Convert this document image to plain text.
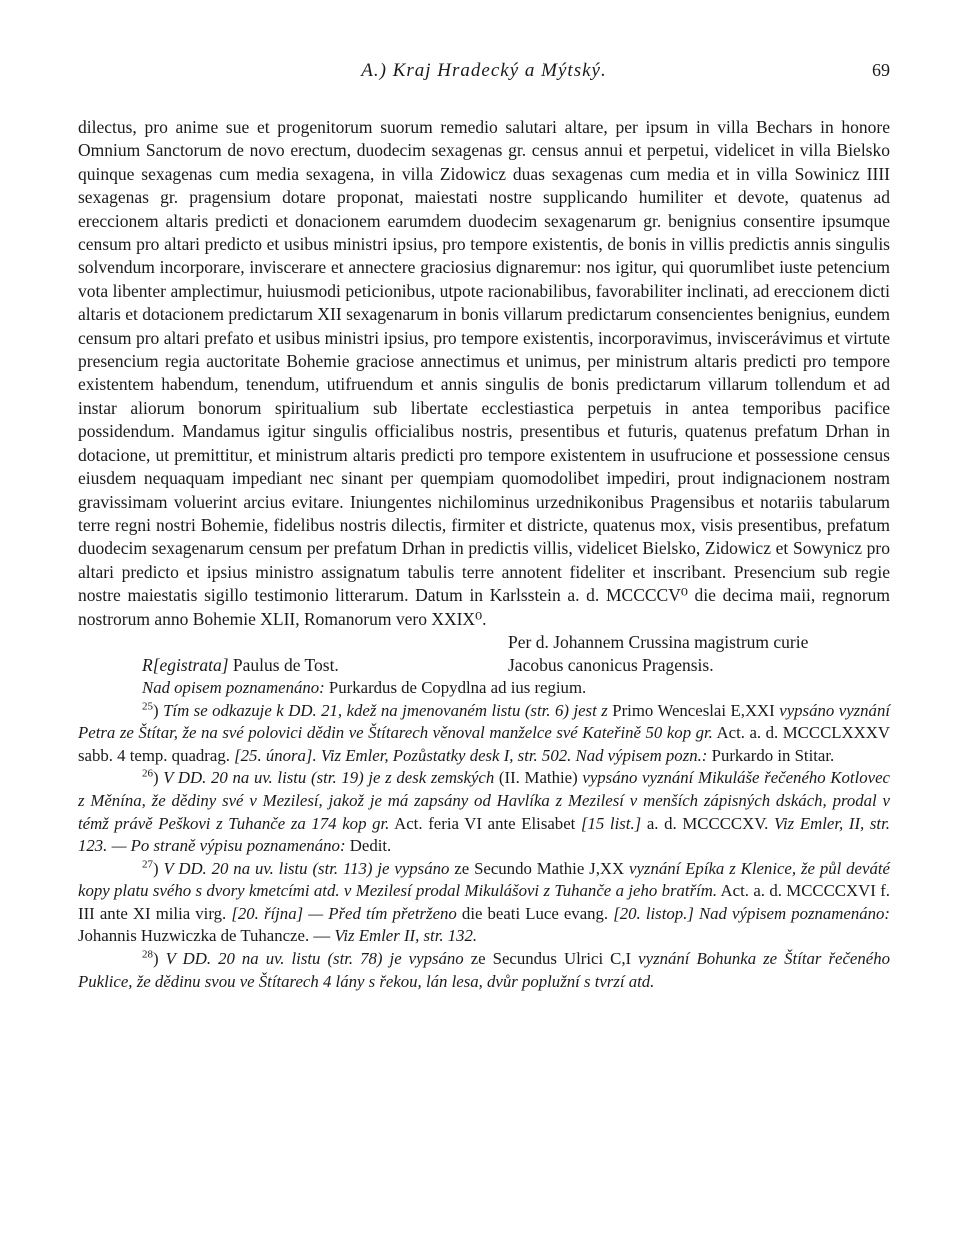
A.) Kraj Hradecký a Mýtský.	69

dilectus, pro anime sue et progenitorum suorum remedio salutari altare, per ipsum in villa Bechars in honore Omnium Sanctorum de novo erectum, duodecim sexagenas gr. census annui et perpetui, videlicet in villa Bielsko quinque sexagenas cum media sexagena, in villa Zidowicz duas sexagenas cum media et in villa Sowinicz IIII sexagenas gr. pragensium dotare proponat, maiestati nostre supplicando humiliter et devote, quatenus ad ereccionem altaris predicti et donacionem earumdem duodecim sexagenarum gr. benignius consentire ipsumque censum pro altari predicto et usibus ministri ipsius, pro tempore existentis, de bonis in villis predictis annis singulis solvendum incorporare, inviscerare et annectere graciosius dignaremur: nos igitur, qui quorumlibet iuste petencium vota libenter amplectimur, huiusmodi peticionibus, utpote racionabilibus, favorabiliter inclinati, ad ereccionem dicti altaris et dotacionem predictarum XII sexagenarum in bonis villarum predictarum consencientes benignius, eundem censum pro altari prefato et usibus ministri ipsius, pro tempore existentis, incorporavimus, inviscerávimus et virtute presencium regia auctoritate Bohemie graciose annectimus et unimus, per ministrum altaris predicti pro tempore existentem habendum, tenendum, utifruendum et annis singulis de bonis predictarum villarum tollendum et ad instar aliorum bonorum spiritualium sub libertate ecclestiastica perpetuis in antea temporibus pacifice possidendum. Mandamus igitur singulis officialibus nostris, presentibus et futuris, quatenus prefatum Drhan in dotacione, ut premittitur, et ministrum altaris predicti pro tempore existentem in usufrucione et possessione census eiusdem nequaquam impediant nec sinant per quempiam quomodolibet impediri, prout indignacionem nostram gravissimam voluerint arcius evitare. Iniungentes nichilominus urzednikonibus Pragensibus et notariis tabularum terre regni nostri Bohemie, fidelibus nostris dilectis, firmiter et districte, quatenus mox, visis presentibus, prefatum duodecim sexagenarum censum per prefatum Drhan in predictis villis, videlicet Bielsko, Zidowicz et Sowynicz pro altari predicto et ipsius ministro assignatum tabulis terre annotent fideliter et inscribant. Presencium sub regie nostre maiestatis sigillo testimonio litterarum. Datum in Karlsstein a. d. MCCCCV⁰ die decima maii, regnorum nostrorum anno Bohemie XLII, Romanorum vero XXIX⁰.

Per d. Johannem Crussina magistrum curie
R[egistrata] Paulus de Tost.	Jacobus canonicus Pragensis.

Nad opisem poznamenáno: Purkardus de Copydlna ad ius regium.

$^{25}$) Tím se odkazuje k DD. 21, kdež na jmenovaném listu (str. 6) jest z Primo Wenceslai E,XXI vypsáno vyznání Petra ze Štítar, že na své polovici dědin ve Štítarech věnoval manželce své Kateřině 50 kop gr. Act. a. d. MCCCLXXXV sabb. 4 temp. quadrag. [25. února]. Viz Emler, Pozůstatky desk I, str. 502. Nad výpisem pozn.: Purkardo in Stitar.

$^{26}$) V DD. 20 na uv. listu (str. 19) je z desk zemských (II. Mathie) vypsáno vyznání Mikuláše řečeného Kotlovec z Měnína, že dědiny své v Mezilesí, jakož je má zapsány od Havlíka z Mezilesí v menších zápisných dskách, prodal v témž právě Peškovi z Tuhanče za 174 kop gr. Act. feria VI ante Elisabet [15 list.] a. d. MCCCCXV. Viz Emler, II, str. 123. — Po straně výpisu poznamenáno: Dedit.

$^{27}$) V DD. 20 na uv. listu (str. 113) je vypsáno ze Secundo Mathie J,XX vyznání Epíka z Klenice, že půl deváté kopy platu svého s dvory kmetcími atd. v Mezilesí prodal Mikulášovi z Tuhanče a jeho bratřím. Act. a. d. MCCCCXVI f. III ante XI milia virg. [20. října] — Před tím přetrženo die beati Luce evang. [20. listop.] Nad výpisem poznamenáno: Johannis Huzwiczka de Tuhancze. — Viz Emler II, str. 132.

$^{28}$) V DD. 20 na uv. listu (str. 78) je vypsáno ze Secundus Ulrici C,I vyznání Bohunka ze Štítar řečeného Puklice, že dědinu svou ve Štítarech 4 lány s řekou, lán lesa, dvůr poplužní s tvrzí atd.
